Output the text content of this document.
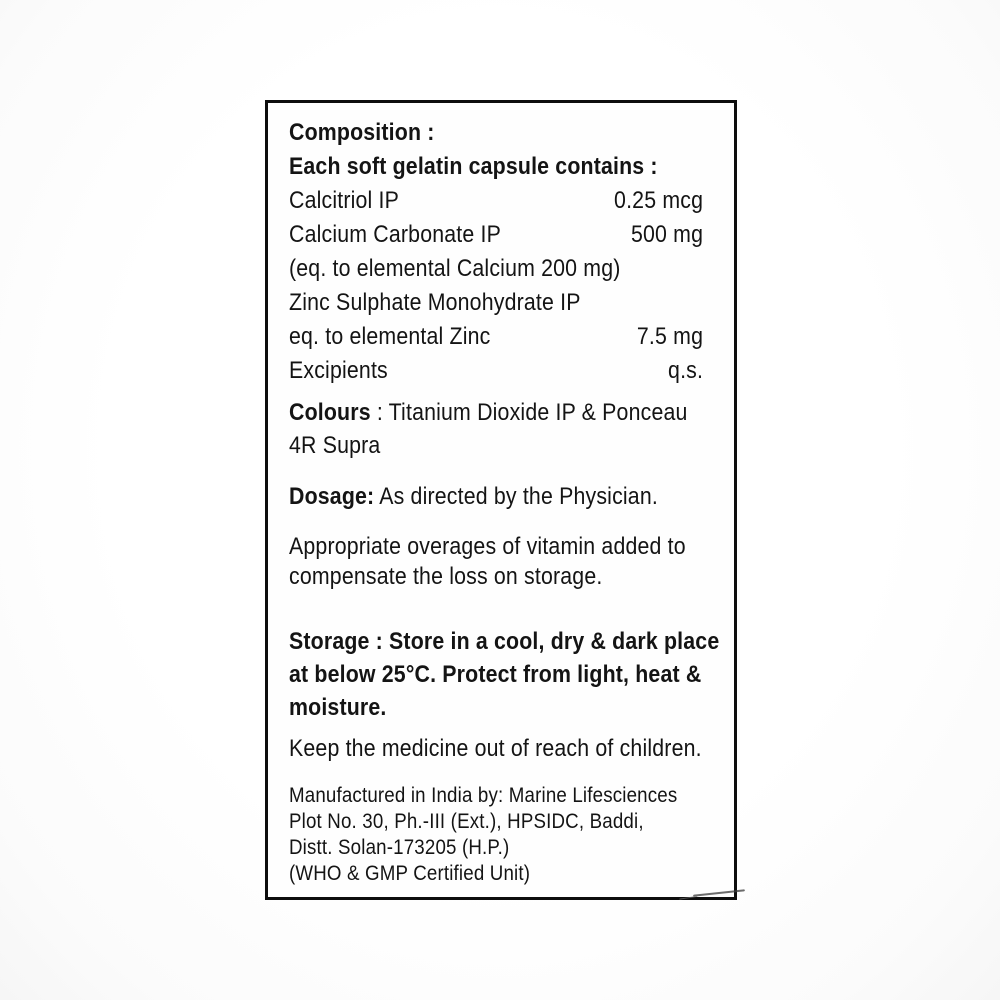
Composition :
Each soft gelatin capsule contains :
Calcitriol IP	0.25 mcg
Calcium Carbonate IP	500 mg
(eq. to elemental Calcium 200 mg)
Zinc Sulphate Monohydrate IP
eq. to elemental Zinc	7.5 mg
Excipients	q.s.
Colours : Titanium Dioxide IP & Ponceau
4R Supra
Dosage: As directed by the Physician.
Appropriate overages of vitamin added to
compensate the loss on storage.
Storage : Store in a cool, dry & dark place
at below 25°C. Protect from light, heat &
moisture.
Keep the medicine out of reach of children.
Manufactured in India by: Marine Lifesciences
Plot No. 30, Ph.-III (Ext.), HPSIDC, Baddi,
Distt. Solan-173205 (H.P.)
(WHO & GMP Certified Unit)
